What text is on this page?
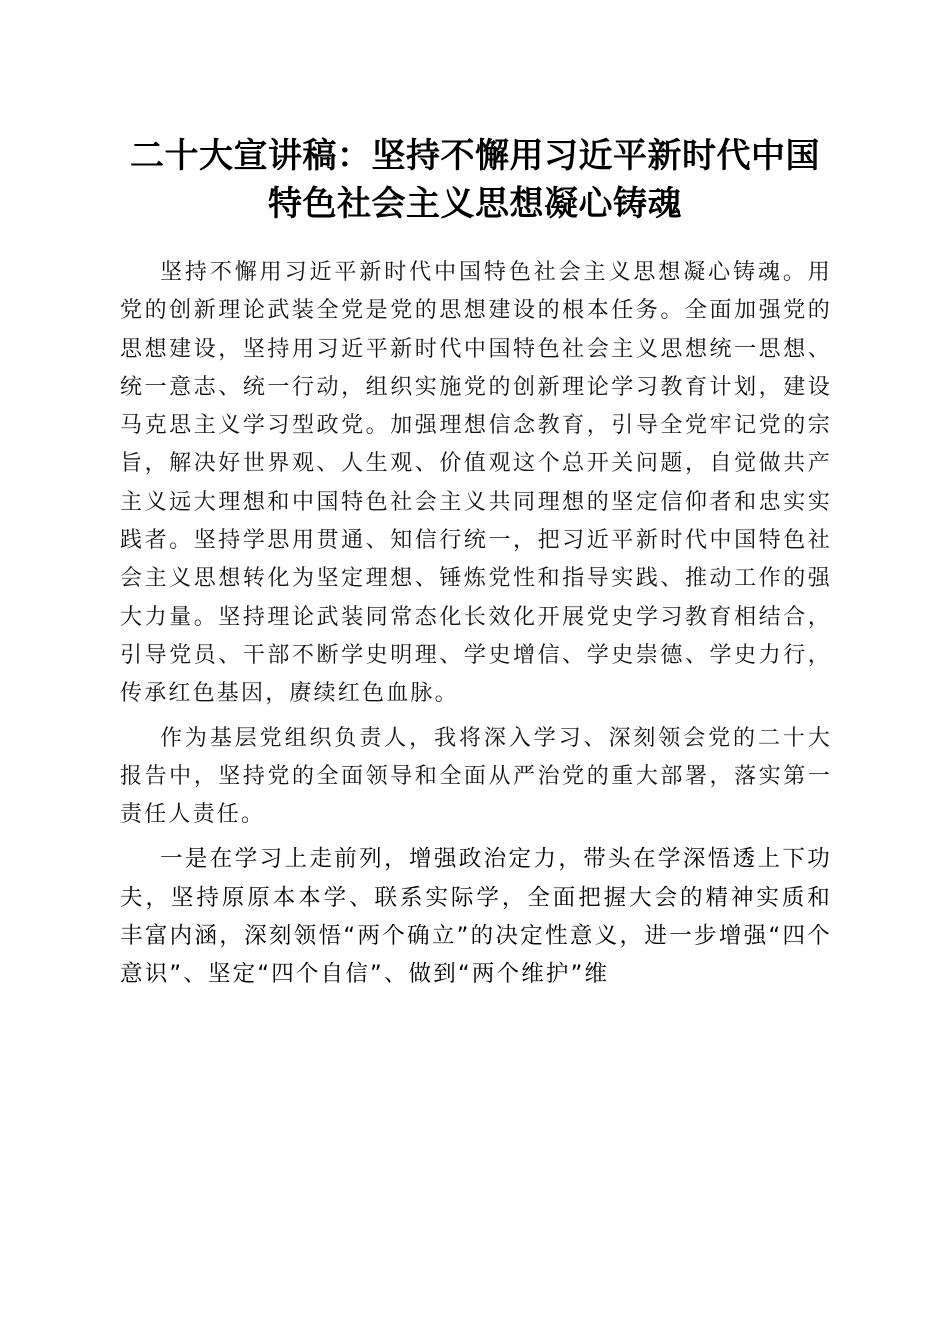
二十大宣讲稿：坚持不懈用习近平新时代中国
特色社会主义思想凝心铸魂

坚持不懈用习近平新时代中国特色社会主义思想凝心铸魂。用党的创新理论武装全党是党的思想建设的根本任务。全面加强党的思想建设，坚持用习近平新时代中国特色社会主义思想统一思想、统一意志、统一行动，组织实施党的创新理论学习教育计划，建设马克思主义学习型政党。加强理想信念教育，引导全党牢记党的宗旨，解决好世界观、人生观、价值观这个总开关问题，自觉做共产主义远大理想和中国特色社会主义共同理想的坚定信仰者和忠实实践者。坚持学思用贯通、知信行统一，把习近平新时代中国特色社会主义思想转化为坚定理想、锤炼党性和指导实践、推动工作的强大力量。坚持理论武装同常态化长效化开展党史学习教育相结合，引导党员、干部不断学史明理、学史增信、学史崇德、学史力行，传承红色基因，赓续红色血脉。

作为基层党组织负责人，我将深入学习、深刻领会党的二十大报告中，坚持党的全面领导和全面从严治党的重大部署，落实第一责任人责任。

一是在学习上走前列，增强政治定力，带头在学深悟透上下功夫，坚持原原本本学、联系实际学，全面把握大会的精神实质和丰富内涵，深刻领悟“两个确立”的决定性意义，进一步增强“四个意识”、坚定“四个自信”、做到“两个维护”维
